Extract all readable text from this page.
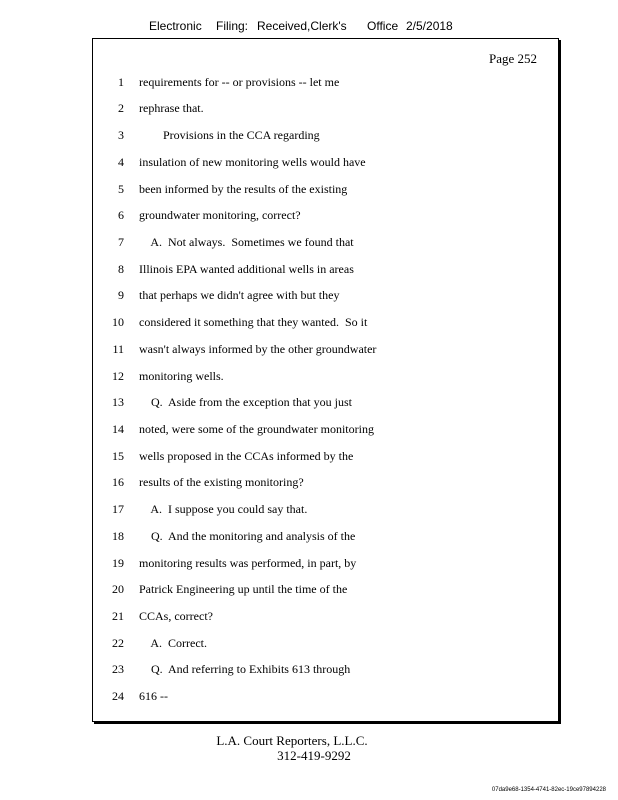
Electronic Filing: Received,Clerk's Office 2/5/2018
Page 252
1 requirements for -- or provisions -- let me
2 rephrase that.
3 Provisions in the CCA regarding
4 insulation of new monitoring wells would have
5 been informed by the results of the existing
6 groundwater monitoring, correct?
7 A.  Not always.  Sometimes we found that
8 Illinois EPA wanted additional wells in areas
9 that perhaps we didn't agree with but they
10 considered it something that they wanted.  So it
11 wasn't always informed by the other groundwater
12 monitoring wells.
13 Q.  Aside from the exception that you just
14 noted, were some of the groundwater monitoring
15 wells proposed in the CCAs informed by the
16 results of the existing monitoring?
17 A.  I suppose you could say that.
18 Q.  And the monitoring and analysis of the
19 monitoring results was performed, in part, by
20 Patrick Engineering up until the time of the
21 CCAs, correct?
22 A.  Correct.
23 Q.  And referring to Exhibits 613 through
24 616 --
L.A. Court Reporters, L.L.C.
312-419-9292
07da9e68-1354-4741-82ec-19ce97894228
